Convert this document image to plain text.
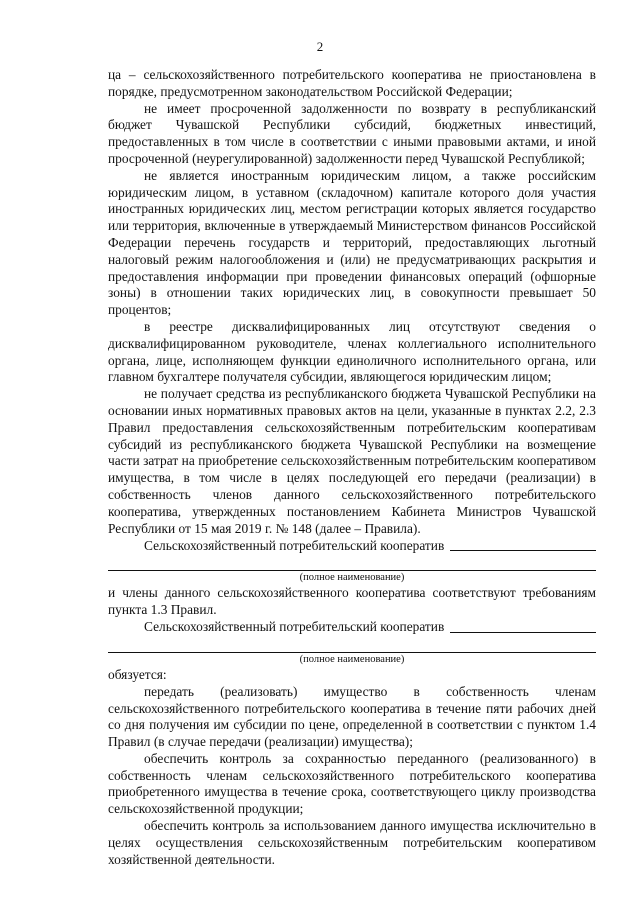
2

ца – сельскохозяйственного потребительского кооператива не приостановлена в порядке, предусмотренном законодательством Российской Федерации;

не имеет просроченной задолженности по возврату в республиканский бюджет Чувашской Республики субсидий, бюджетных инвестиций, предоставленных в том числе в соответствии с иными правовыми актами, и иной просроченной (неурегулированной) задолженности перед Чувашской Республикой;

не является иностранным юридическим лицом, а также российским юридическим лицом, в уставном (складочном) капитале которого доля участия иностранных юридических лиц, местом регистрации которых является государство или территория, включенные в утверждаемый Министерством финансов Российской Федерации перечень государств и территорий, предоставляющих льготный налоговый режим налогообложения и (или) не предусматривающих раскрытия и предоставления информации при проведении финансовых операций (офшорные зоны) в отношении таких юридических лиц, в совокупности превышает 50 процентов;

в реестре дисквалифицированных лиц отсутствуют сведения о дисквалифицированном руководителе, членах коллегиального исполнительного органа, лице, исполняющем функции единоличного исполнительного органа, или главном бухгалтере получателя субсидии, являющегося юридическим лицом;

не получает средства из республиканского бюджета Чувашской Республики на основании иных нормативных правовых актов на цели, указанные в пунктах 2.2, 2.3 Правил предоставления сельскохозяйственным потребительским кооперативам субсидий из республиканского бюджета Чувашской Республики на возмещение части затрат на приобретение сельскохозяйственным потребительским кооперативом имущества, в том числе в целях последующей его передачи (реализации) в собственность членов данного сельскохозяйственного потребительского кооператива, утвержденных постановлением Кабинета Министров Чувашской Республики от 15 мая 2019 г. № 148 (далее – Правила).

Сельскохозяйственный потребительский кооператив
(полное наименование)

и члены данного сельскохозяйственного кооператива соответствуют требованиям пункта 1.3 Правил.

Сельскохозяйственный потребительский кооператив
(полное наименование)

обязуется:

передать (реализовать) имущество в собственность членам сельскохозяйственного потребительского кооператива в течение пяти рабочих дней со дня получения им субсидии по цене, определенной в соответствии с пунктом 1.4 Правил (в случае передачи (реализации) имущества);

обеспечить контроль за сохранностью переданного (реализованного) в собственность членам сельскохозяйственного потребительского кооператива приобретенного имущества в течение срока, соответствующего циклу производства сельскохозяйственной продукции;

обеспечить контроль за использованием данного имущества исключительно в целях осуществления сельскохозяйственным потребительским кооперативом хозяйственной деятельности.
